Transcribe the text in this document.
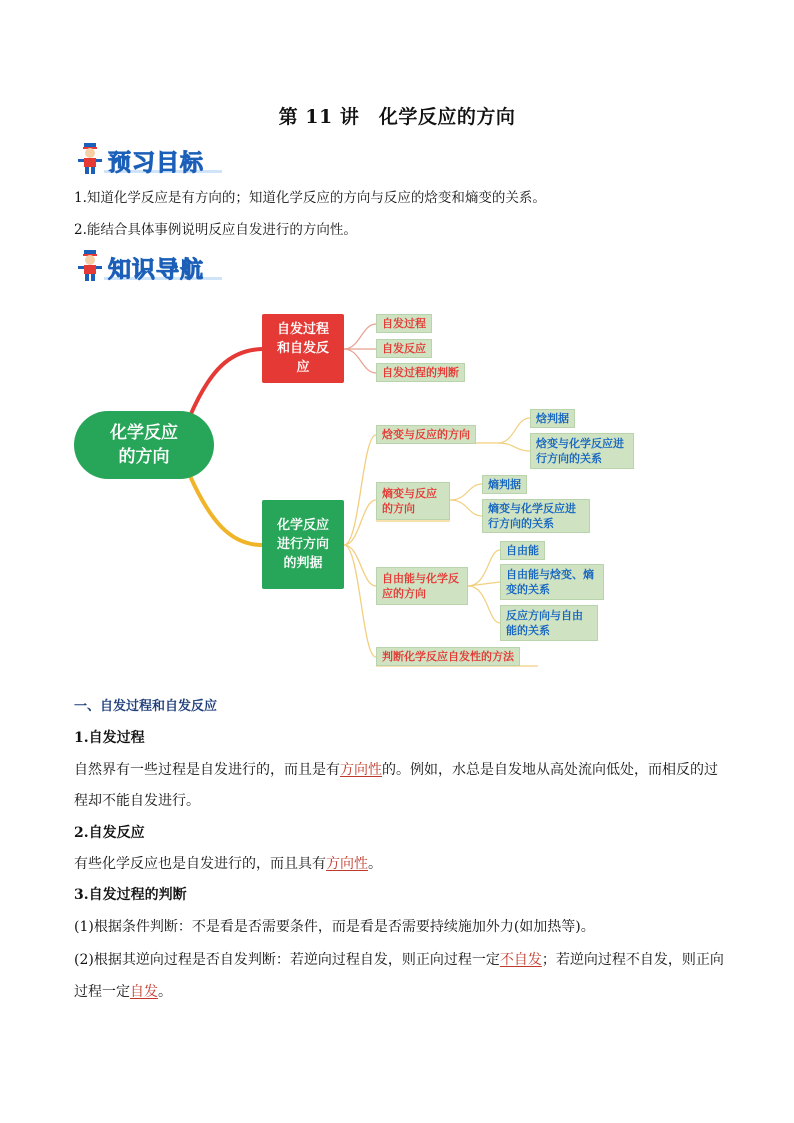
第 11 讲　化学反应的方向
预习目标
1.知道化学反应是有方向的；知道化学反应的方向与反应的焓变和熵变的关系。
2.能结合具体事例说明反应自发进行的方向性。
知识导航
化学反应的方向
自发过程和自发反应
自发过程
自发反应
自发过程的判断
化学反应进行方向的判据
焓变与反应的方向
焓判据
焓变与化学反应进行方向的关系
熵变与反应的方向
熵判据
熵变与化学反应进行方向的关系
自由能与化学反应的方向
自由能
自由能与焓变、熵变的关系
反应方向与自由能的关系
判断化学反应自发性的方法
一、自发过程和自发反应
1.自发过程
自然界有一些过程是自发进行的，而且是有方向性的。例如，水总是自发地从高处流向低处，而相反的过
程却不能自发进行。
2.自发反应
有些化学反应也是自发进行的，而且具有方向性。
3.自发过程的判断
(1)根据条件判断：不是看是否需要条件，而是看是否需要持续施加外力(如加热等)。
(2)根据其逆向过程是否自发判断：若逆向过程自发，则正向过程一定不自发；若逆向过程不自发，则正向
过程一定自发。
